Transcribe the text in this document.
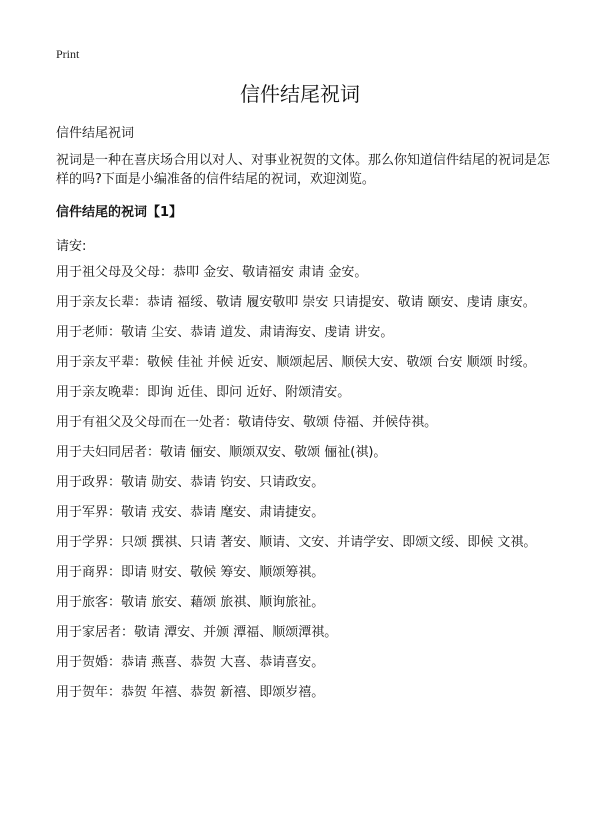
Print
信件结尾祝词
信件结尾祝词
祝词是一种在喜庆场合用以对人、对事业祝贺的文体。那么你知道信件结尾的祝词是怎样的吗?下面是小编准备的信件结尾的祝词，欢迎浏览。
信件结尾的祝词【1】
请安:
用于祖父母及父母：恭叩 金安、敬请福安 肃请 金安。
用于亲友长辈：恭请 福绥、敬请 履安敬叩 崇安 只请提安、敬请 颐安、虔请 康安。
用于老师：敬请 尘安、恭请 道发、肃请海安、虔请 讲安。
用于亲友平辈：敬候 佳祉 并候 近安、顺颂起居、顺侯大安、敬颂 台安 顺颂 时绥。
用于亲友晚辈：即询 近佳、即问 近好、附颂清安。
用于有祖父及父母而在一处者：敬请侍安、敬颂 侍福、并候侍祺。
用于夫妇同居者：敬请 俪安、顺颂双安、敬颂 俪祉(祺)。
用于政界：敬请 勋安、恭请 钧安、只请政安。
用于军界：敬请 戎安、恭请 麾安、肃请捷安。
用于学界：只颂 撰祺、只请 著安、顺请、文安、并请学安、即颂文绥、即候 文祺。
用于商界：即请 财安、敬候 筹安、顺颂筹祺。
用于旅客：敬请 旅安、藉颂 旅祺、顺询旅祉。
用于家居者：敬请 潭安、并颁 潭福、顺颂潭祺。
用于贺婚：恭请 燕喜、恭贺 大喜、恭请喜安。
用于贺年：恭贺 年禧、恭贺 新禧、即颂岁禧。
